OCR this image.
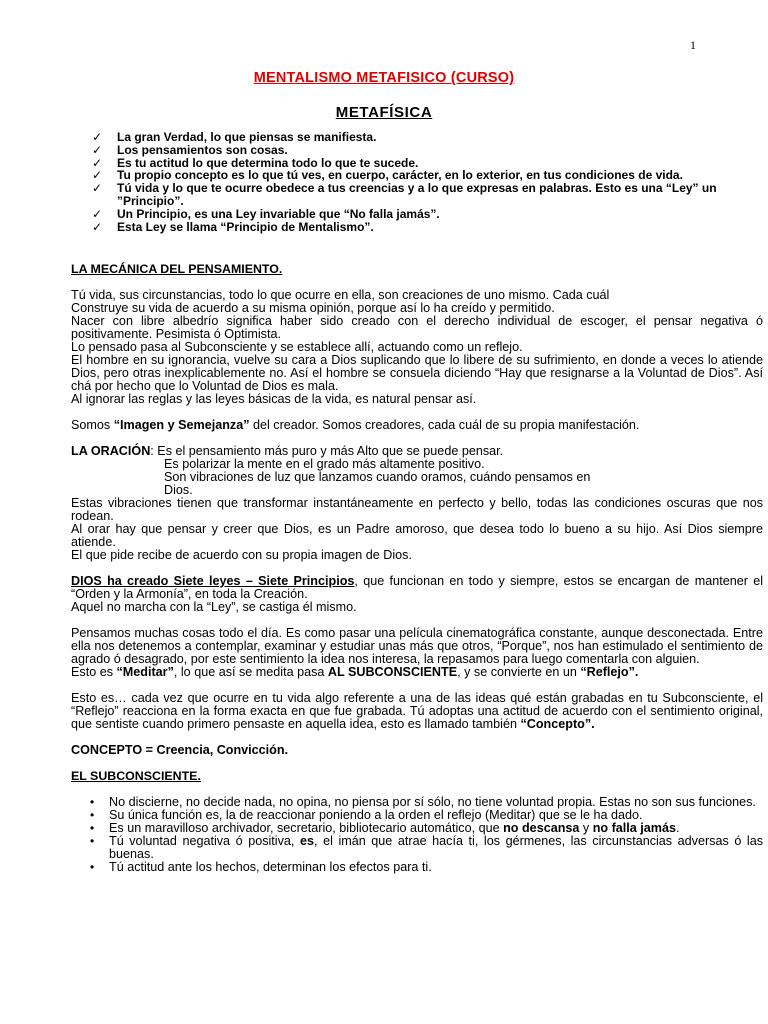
1
MENTALISMO METAFISICO (CURSO)
METAFÍSICA
✓ La gran Verdad, lo que piensas se manifiesta.
✓ Los pensamientos son cosas.
✓ Es tu actitud lo que determina todo lo que te sucede.
✓ Tu propio concepto es lo que tú ves, en cuerpo, carácter, en lo exterior, en tus condiciones de vida.
✓ Tú vida y lo que te ocurre obedece a tus creencias y a lo que expresas en palabras. Esto es una “Ley” un ”Principio”.
✓ Un Principio, es una Ley invariable que “No falla jamás”.
✓ Esta Ley se llama “Principio de Mentalismo”.

LA MECÁNICA DEL PENSAMIENTO.

Tú vida, sus circunstancias, todo lo que ocurre en ella, son creaciones de uno mismo. Cada cuál

Construye su vida de acuerdo a su misma opinión, porque así lo ha creído y permitido.

Nacer con libre albedrío significa haber sido creado con el derecho individual de escoger, el pensar negativa ó positivamente. Pesimista ó Optimista.

Lo pensado pasa al Subconsciente y se establece allí, actuando como un reflejo.

El hombre en su ignorancia, vuelve su cara a Dios suplicando que lo libere de su sufrimiento, en donde a veces lo atiende Dios, pero otras inexplicablemente no. Así el hombre se consuela diciendo “Hay que resignarse a la Voluntad de Dios”. Así chá por hecho que lo Voluntad de Dios es mala.

Al ignorar las reglas y las leyes básicas de la vida, es natural pensar así.

Somos “Imagen y Semejanza” del creador. Somos creadores, cada cuál de su propia manifestación.

LA ORACIÓN: Es el pensamiento más puro y más Alto que se puede pensar.

Es polarizar la mente en el grado más altamente positivo.

Son vibraciones de luz que lanzamos cuando oramos, cuándo pensamos en

Dios.

Estas vibraciones tienen que transformar instantáneamente en perfecto y bello, todas las condiciones oscuras que nos rodean.

Al orar hay que pensar y creer que Dios, es un Padre amoroso, que desea todo lo bueno a su hijo. Así Dios siempre atiende.

El que pide recibe de acuerdo con su propia imagen de Dios.

DIOS ha creado Siete leyes – Siete Principios, que funcionan en todo y siempre, estos se encargan de mantener el “Orden y la Armonía”, en toda la Creación.

Aquel no marcha con la “Ley”, se castiga él mismo.

Pensamos muchas cosas todo el día. Es como pasar una película cinematográfica constante, aunque desconectada. Entre ella nos detenemos a contemplar, examinar y estudiar unas más que otros, “Porque”, nos han estimulado el sentimiento de agrado ó desagrado, por este sentimiento la idea nos interesa, la repasamos para luego comentarla con alguien.

Esto es “Meditar”, lo que así se medita pasa AL SUBCONSCIENTE, y se convierte en un “Reflejo”.

Esto es… cada vez que ocurre en tu vida algo referente a una de las ideas qué están grabadas en tu Subconsciente, el “Reflejo” reacciona en la forma exacta en que fue grabada. Tú adoptas una actitud de acuerdo con el sentimiento original, que sentiste cuando primero pensaste en aquella idea, esto es llamado también “Concepto”.

CONCEPTO = Creencia, Convicción.

EL SUBCONSCIENTE.

• No discierne, no decide nada, no opina, no piensa por sí sólo, no tiene voluntad propia. Estas no son sus funciones.
• Su única función es, la de reaccionar poniendo a la orden el reflejo (Meditar) que se le ha dado.
• Es un maravilloso archivador, secretario, bibliotecario automático, que no descansa y no falla jamás.
• Tú voluntad negativa ó positiva, es, el imán que atrae hacía ti, los gérmenes, las circunstancias adversas ó las buenas.
• Tú actitud ante los hechos, determinan los efectos para ti.
